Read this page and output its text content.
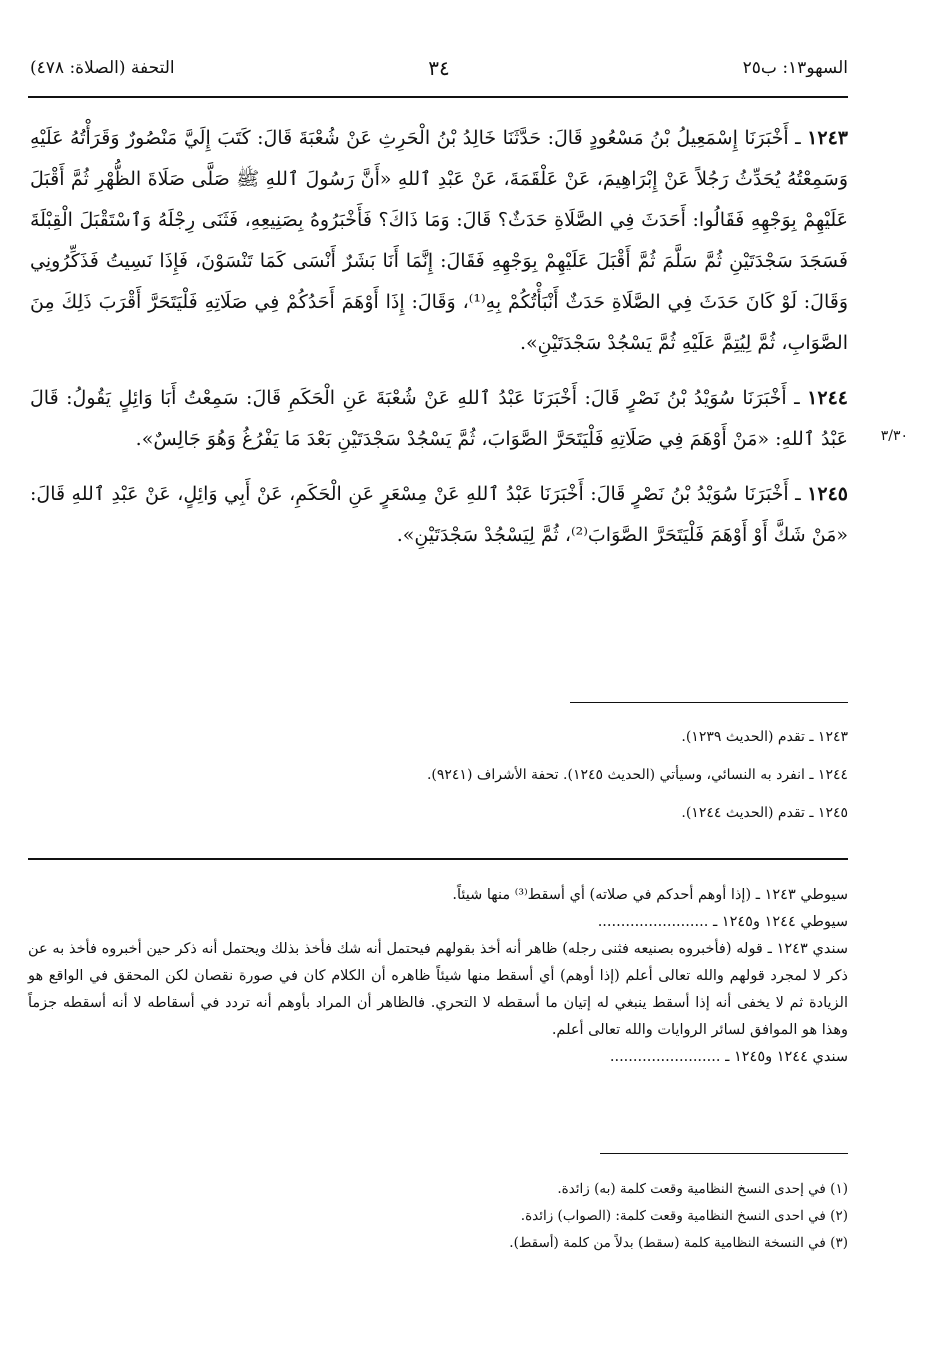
السهو١٣: ب٢٥
٣٤
التحفة (الصلاة: ٤٧٨)
٣/٣٠

١٢٤٣ ـ أَخْبَرَنَا إِسْمَعِيلُ بْنُ مَسْعُودٍ قَالَ: حَدَّثَنَا خَالِدُ بْنُ الْحَرِثِ عَنْ شُعْبَةَ قَالَ: كَتَبَ إِلَيَّ مَنْصُورٌ وَقَرَأْتُهُ عَلَيْهِ وَسَمِعْتُهُ يُحَدِّثُ رَجُلاً عَنْ إِبْرَاهِيمَ، عَنْ عَلْقَمَةَ، عَنْ عَبْدِ ٱللهِ «أَنَّ رَسُولَ ٱللهِ ﷺ صَلَّى صَلَاةَ الظُّهْرِ ثُمَّ أَقْبَلَ عَلَيْهِمْ بِوَجْهِهِ فَقَالُوا: أَحَدَثَ فِي الصَّلَاةِ حَدَثٌ؟ قَالَ: وَمَا ذَاكَ؟ فَأَخْبَرُوهُ بِصَنِيعِهِ، فَثَنَى رِجْلَهُ وَٱسْتَقْبَلَ الْقِبْلَةَ فَسَجَدَ سَجْدَتَيْنِ ثُمَّ سَلَّمَ ثُمَّ أَقْبَلَ عَلَيْهِمْ بِوَجْهِهِ فَقَالَ: إِنَّمَا أَنَا بَشَرٌ أَنْسَى كَمَا تَنْسَوْنَ، فَإِذَا نَسِيتُ فَذَكِّرُونِي وَقَالَ: لَوْ كَانَ حَدَثَ فِي الصَّلَاةِ حَدَثٌ أَنْبَأْتُكُمْ بِهِ⁽¹⁾، وَقَالَ: إِذَا أَوْهَمَ أَحَدُكُمْ فِي صَلَاتِهِ فَلْيَتَحَرَّ أَقْرَبَ ذَلِكَ مِنَ الصَّوَابِ، ثُمَّ لِيُتِمَّ عَلَيْهِ ثُمَّ يَسْجُدْ سَجْدَتَيْنِ».

١٢٤٤ ـ أَخْبَرَنَا سُوَيْدُ بْنُ نَصْرٍ قَالَ: أَخْبَرَنَا عَبْدُ ٱللهِ عَنْ شُعْبَةَ عَنِ الْحَكَمِ قَالَ: سَمِعْتُ أَبَا وَائِلٍ يَقُولُ: قَالَ عَبْدُ ٱللهِ: «مَنْ أَوْهَمَ فِي صَلَاتِهِ فَلْيَتَحَرَّ الصَّوَابَ، ثُمَّ يَسْجُدْ سَجْدَتَيْنِ بَعْدَ مَا يَفْرُغُ وَهُوَ جَالِسٌ».

١٢٤٥ ـ أَخْبَرَنَا سُوَيْدُ بْنُ نَصْرٍ قَالَ: أَخْبَرَنَا عَبْدُ ٱللهِ عَنْ مِسْعَرٍ عَنِ الْحَكَمِ، عَنْ أَبِي وَائِلٍ، عَنْ عَبْدِ ٱللهِ قَالَ: «مَنْ شَكَّ أَوْ أَوْهَمَ فَلْيَتَحَرَّ الصَّوَابَ⁽²⁾، ثُمَّ لِيَسْجُدْ سَجْدَتَيْنِ».

١٢٤٣ ـ تقدم (الحديث ١٢٣٩).
١٢٤٤ ـ انفرد به النسائي، وسيأتي (الحديث ١٢٤٥). تحفة الأشراف (٩٢٤١).
١٢٤٥ ـ تقدم (الحديث ١٢٤٤).
سيوطي ١٢٤٣ ـ (إذا أوهم أحدكم في صلاته) أي أسقط⁽³⁾ منها شيئاً.
سيوطي ١٢٤٤ و١٢٤٥ ـ ........................
سندي ١٢٤٣ ـ قوله (فأخبروه بصنيعه فثنى رجله) ظاهر أنه أخذ بقولهم فيحتمل أنه شك فأخذ بذلك ويحتمل أنه ذكر حين أخبروه فأخذ به عن ذكر لا لمجرد قولهم والله تعالى أعلم (إذا أوهم) أي أسقط منها شيئاً ظاهره أن الكلام كان في صورة نقصان لكن المحقق في الواقع هو الزيادة ثم لا يخفى أنه إذا أسقط ينبغي له إتيان ما أسقطه لا التحري. فالظاهر أن المراد بأوهم أنه تردد في أسقاطه لا أنه أسقطه جزماً وهذا هو الموافق لسائر الروايات والله تعالى أعلم.
سندي ١٢٤٤ و١٢٤٥ ـ ........................
(١) في إحدى النسخ النظامية وقعت كلمة (به) زائدة.
(٢) في احدى النسخ النظامية وقعت كلمة: (الصواب) زائدة.
(٣) في النسخة النظامية كلمة (سقط) بدلاً من كلمة (أسقط).
